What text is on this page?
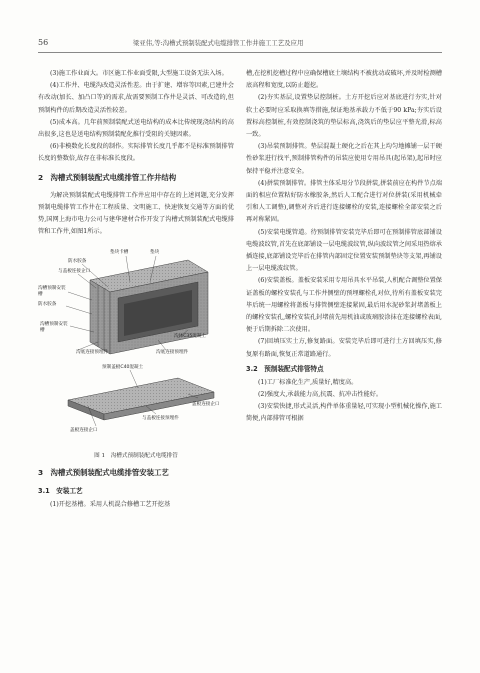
56	梁亚伟,等:沟槽式预制装配式电缆排管工作井施工工艺及应用

(3)施工作业面大。市区施工作业面受限,大型施工设备无法入场。

(4)工作井、电缆沟改造灵活性差。由于扩建、增容等因素,已建井会有改动(加长、加凸口等)的需求,故需要预制工作井是灵活、可改造的,但预制构件的后期改造灵活性较差。

(5)成本高。几年前预制装配式送电结构的成本比传统现浇结构的高出很多,这也是送电结构预制装配化推行受阻的关键因素。

(6)非模数化长度段的制作。实际排管长度几乎都不是标准预制排管长度的整数倍,故存在非标准长度段。

2　沟槽式预制装配式电缆排管工作井结构

为解决预制装配式电缆排管工作井应用中存在的上述问题,充分发挥预制电缆排管工作井在工程质量、文明施工、快速恢复交通等方面的优势,国网上海市电力公司与建华建材合作开发了沟槽式预制装配式电缆排管和工作井,如图1所示。

垫块卡槽	垫块
防水胶条
与盖板连接企口
沟槽预制安装槽
防水胶条
沟槽预制安装槽
沟底连接预埋件
沟体C35混凝土
沟底连接预埋件
预制盖板C40混凝土
盖板连接企口
与盖板连接预埋件
盖板连接企口

图 1　沟槽式预制装配式电缆排管

3　沟槽式预制装配式电缆排管安装工艺
3.1　安装工艺

(1)开挖基槽。采用人机混合修槽工艺开挖基

槽,在挖机挖槽过程中应确保槽底土壤结构不被扰动或破坏,并及时检测槽底高程和宽度,以防止超挖。

(2)夯实基层,设置垫层控制桩。土方开挖后应对基底进行夯实,针对软土必要时应采取换填等措施,保证地基承载力不低于90 kPa;夯实后设置标高控制桩,有效控制浇筑的垫层标高,浇筑后的垫层应平整光滑,标高一致。

(3)吊装预制排管。垫层混凝土硬化之后在其上均匀地摊铺一层干硬性砂浆进行找平,预制排管构件的吊装应使用专用吊具(起吊架),起吊时应保持平稳并注意安全。

(4)拼装预制排管。排管主体采用分节段拼装,拼装前应在构件节点端面的相应位置粘好防水橡胶条,然后人工配合进行对位拼装(采用机械牵引和人工调整),调整对齐后进行连接螺栓的安装,连接螺栓全部安装之后再对称紧固。

(5)安装电缆管道。待预制排管安装完毕后即可在预制排管底部铺设电缆波纹管,首先在底部铺设一层电缆波纹管,纵向波纹管之间采用热熔承插连接,底部铺设完毕后在排管内部固定位置安装预制垫块等支架,再铺设上一层电缆波纹管。

(6)安装盖板。盖板安装采用专用吊具水平吊装,人机配合调整位置保证盖板的螺栓安装孔与工作井侧壁的预埋螺栓孔对位,待所有盖板安装完毕后统一用螺栓将盖板与排管侧壁连接紧固,最后用水泥砂浆封堵盖板上的螺栓安装孔,螺栓安装孔封堵前先用机油或玻璃胶涂抹在连接螺栓表面,便于后期拆除二次使用。

(7)回填压实土方,修复路面。安装完毕后即可进行土方回填压实,修复原有路面,恢复正常道路通行。

3.2　预制装配式排管特点

(1)工厂标准化生产,质量好,精度高。

(2)强度大,承载能力高,抗震、抗冲击性能好。

(3)安装快捷,形式灵活,构件单体重量轻,可实现小型机械化操作,施工简便,内部排管可根据
